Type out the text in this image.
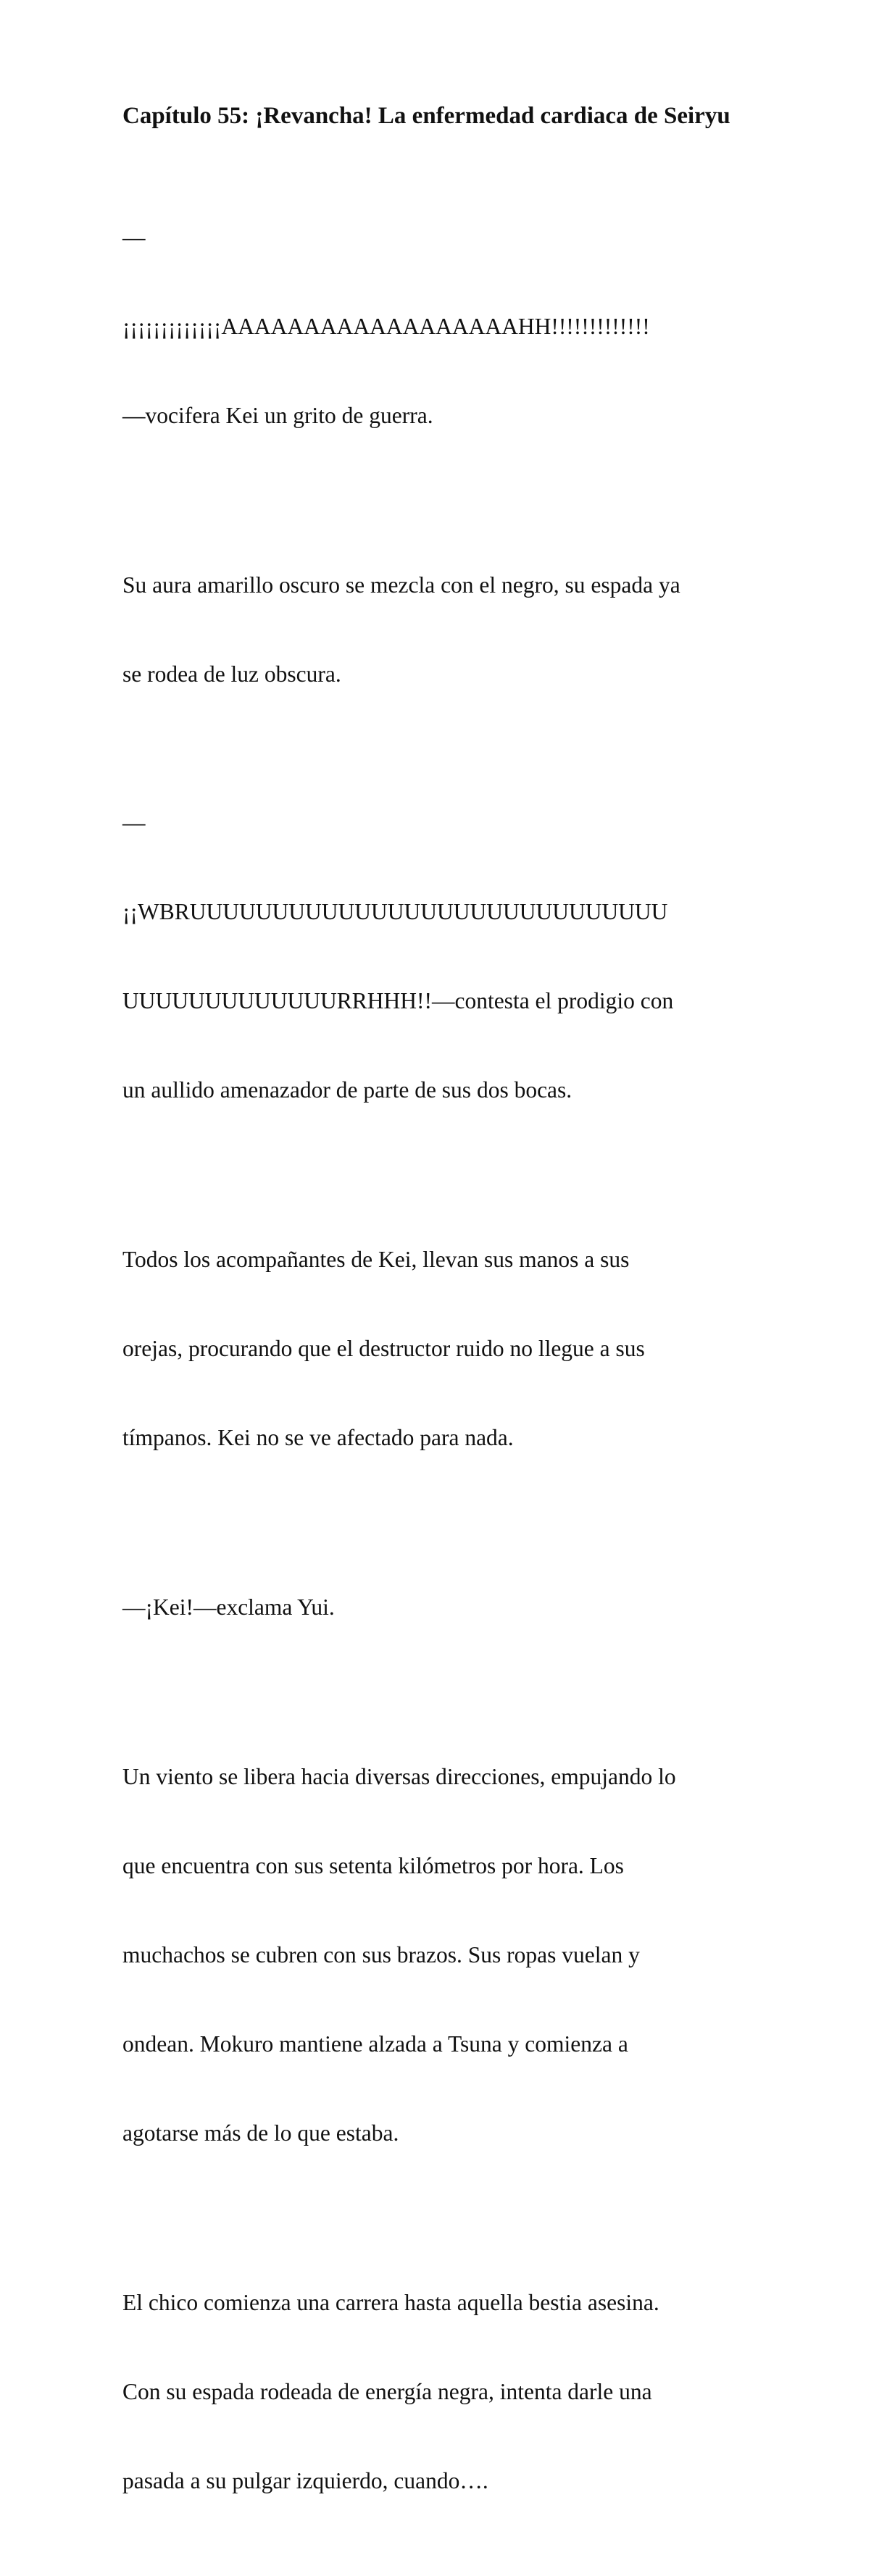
Capítulo 55: ¡Revancha! La enfermedad cardiaca de Seiryu

—

¡¡¡¡¡¡¡¡¡¡¡¡¡AAAAAAAAAAAAAAAAAAHH!!!!!!!!!!!!!

—vocifera Kei un grito de guerra.

Su aura amarillo oscuro se mezcla con el negro, su espada ya

se rodea de luz obscura.

—

¡¡WBRUUUUUUUUUUUUUUUUUUUUUUUUUUUUU

UUUUUUUUUUUUURRHHH!!—contesta el prodigio con

un aullido amenazador de parte de sus dos bocas.

Todos los acompañantes de Kei, llevan sus manos a sus

orejas, procurando que el destructor ruido no llegue a sus

tímpanos. Kei no se ve afectado para nada.

—¡Kei!—exclama Yui.

Un viento se libera hacia diversas direcciones, empujando lo

que encuentra con sus setenta kilómetros por hora. Los

muchachos se cubren con sus brazos. Sus ropas vuelan y

ondean. Mokuro mantiene alzada a Tsuna y comienza a

agotarse más de lo que estaba.

El chico comienza una carrera hasta aquella bestia asesina.

Con su espada rodeada de energía negra, intenta darle una

pasada a su pulgar izquierdo, cuando….
